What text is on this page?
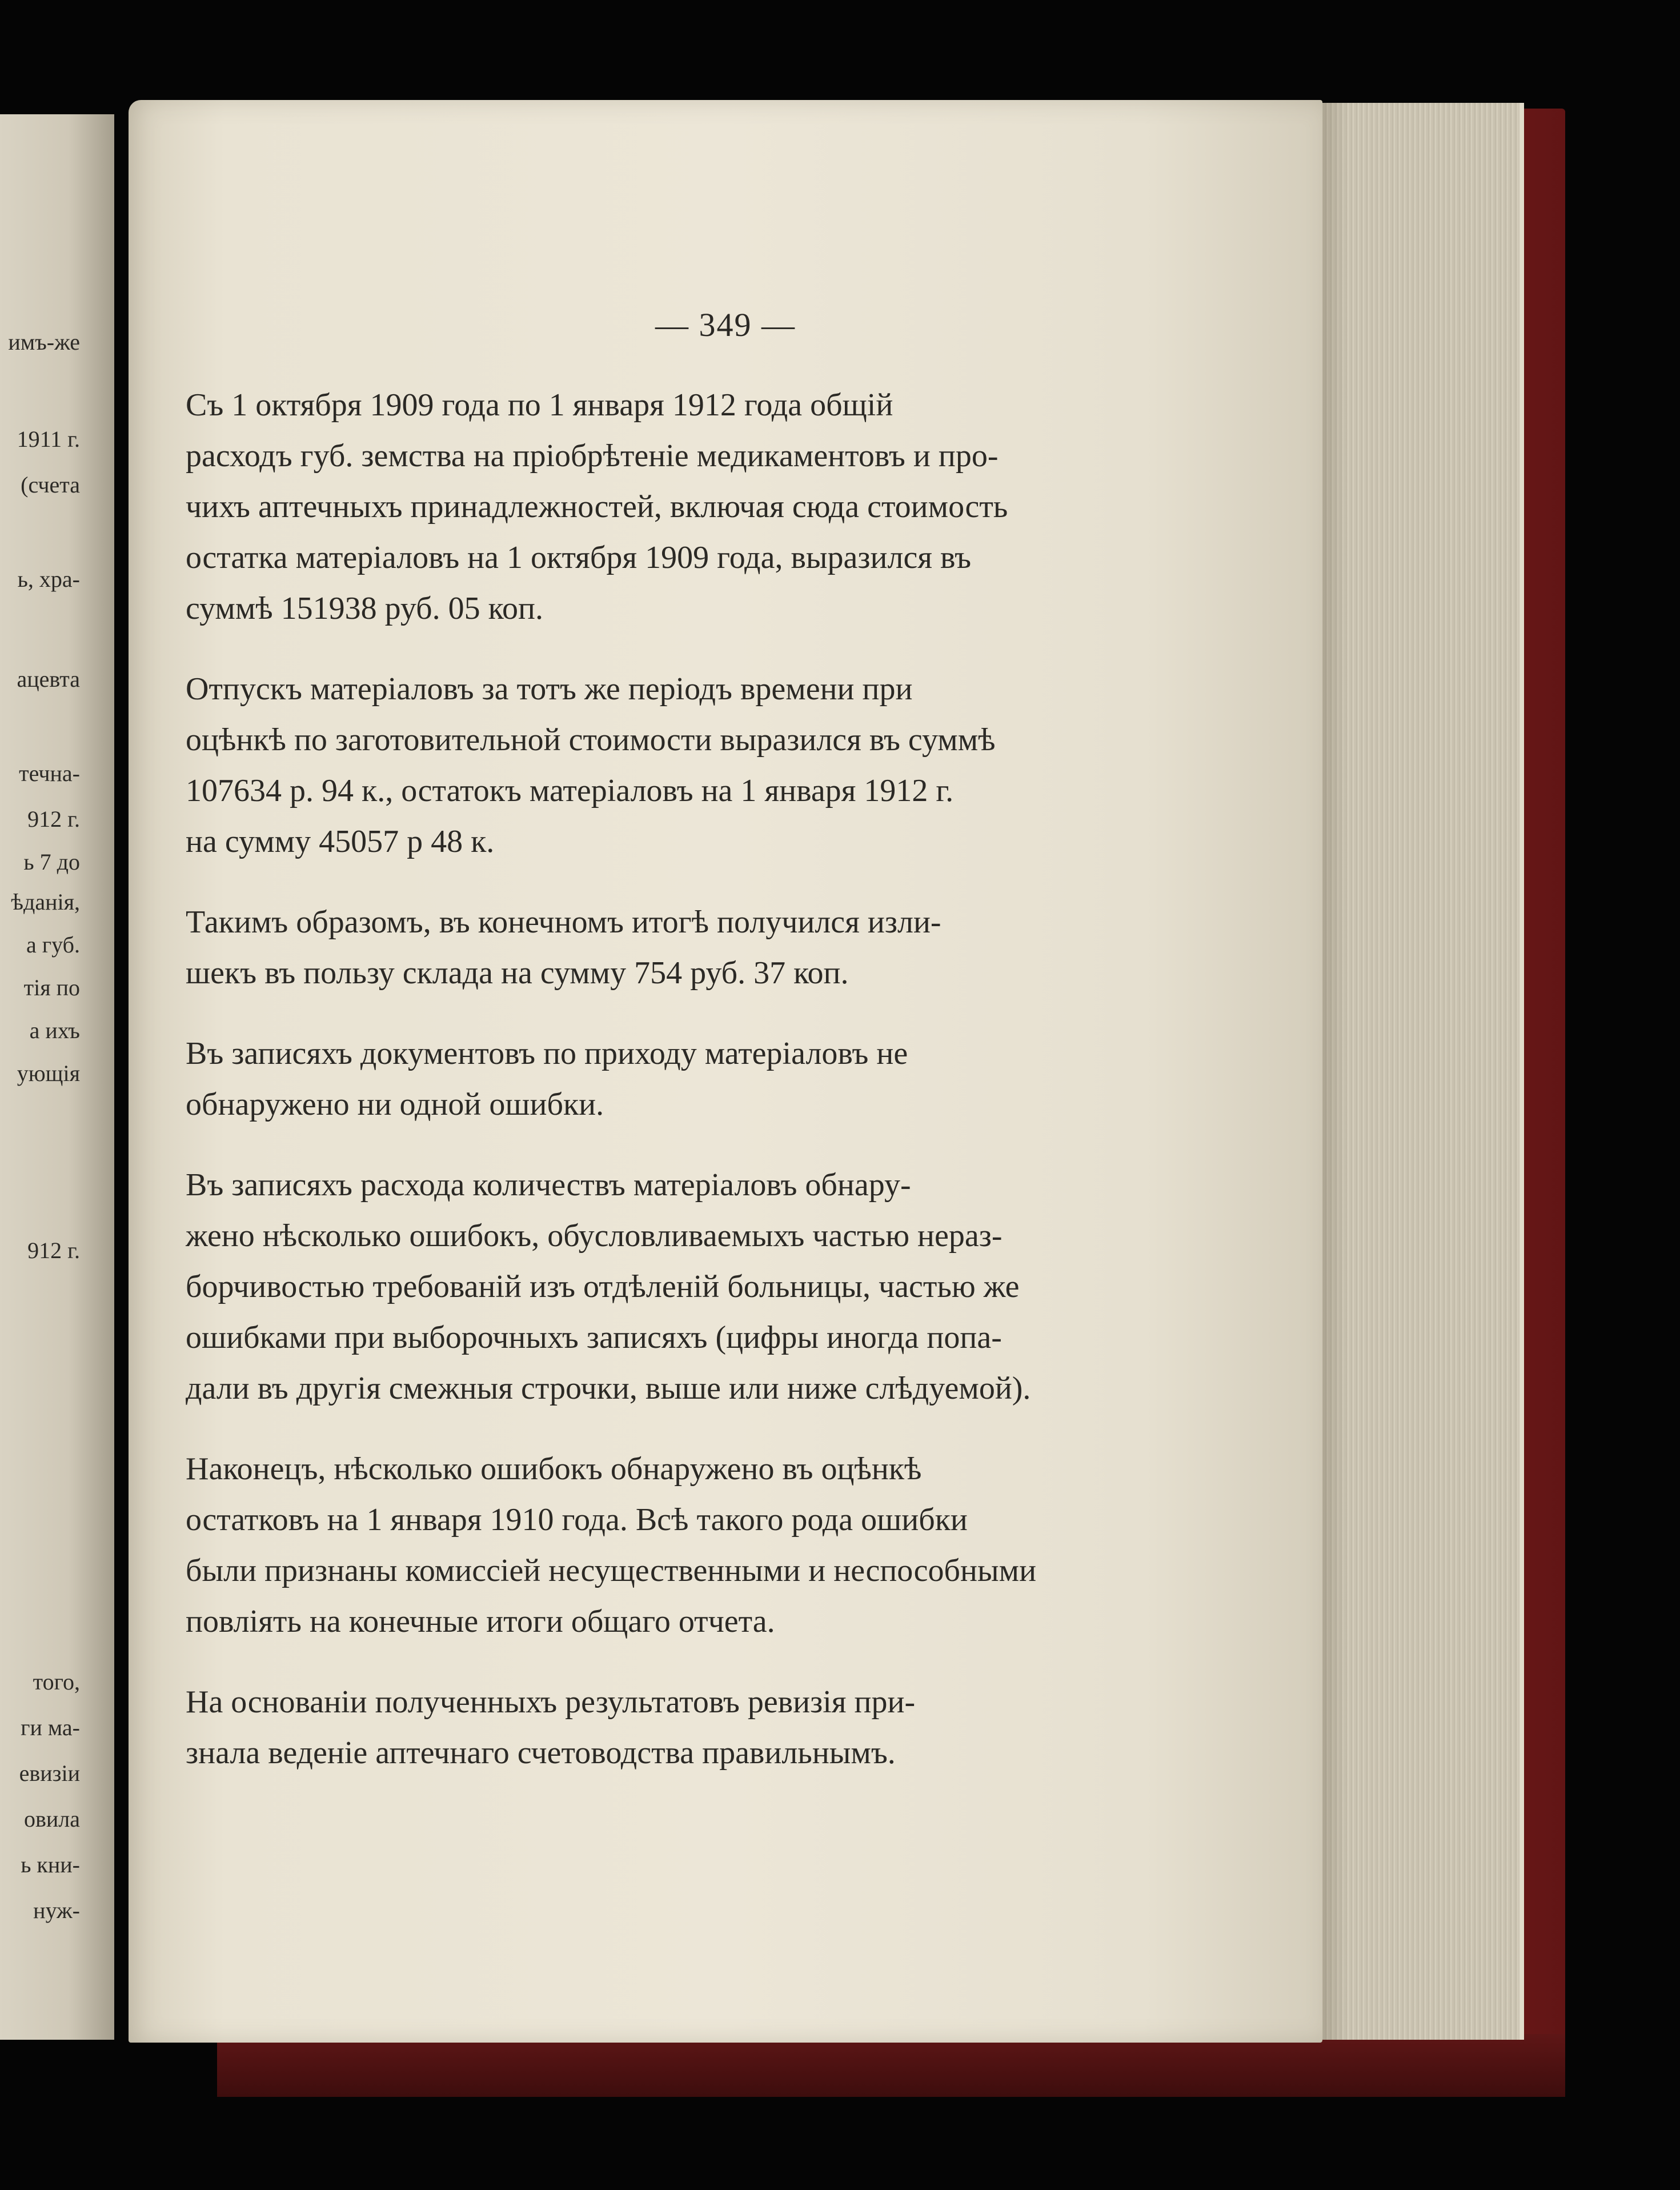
имъ-же
1911 г.
(счета
ь, хра-
ацевта
течна-
912 г.
ь 7 до
ѣданія,
а губ.
тія по
а ихъ
ующія
912 г.
того,
ги ма-
евизіи
овила
ь кни-
нуж-
— 349 —

Съ 1 октября 1909 года по 1 января 1912 года общій
расходъ губ. земства на пріобрѣтеніе медикаментовъ и про-
чихъ аптечныхъ принадлежностей, включая сюда стоимость
остатка матеріаловъ на 1 октября 1909 года, выразился въ
суммѣ 151938 руб. 05 коп.

Отпускъ матеріаловъ за тотъ же періодъ времени при
оцѣнкѣ по заготовительной стоимости выразился въ суммѣ
107634 р. 94 к., остатокъ матеріаловъ на 1 января 1912 г.
на сумму 45057 р 48 к.

Такимъ образомъ, въ конечномъ итогѣ получился изли-
шекъ въ пользу склада на сумму 754 руб. 37 коп.

Въ записяхъ документовъ по приходу матеріаловъ не
обнаружено ни одной ошибки.

Въ записяхъ расхода количествъ матеріаловъ обнару-
жено нѣсколько ошибокъ, обусловливаемыхъ частью нераз-
борчивостью требованій изъ отдѣленій больницы, частью же
ошибками при выборочныхъ записяхъ (цифры иногда попа-
дали въ другія смежныя строчки, выше или ниже слѣдуемой).

Наконецъ, нѣсколько ошибокъ обнаружено въ оцѣнкѣ
остатковъ на 1 января 1910 года. Всѣ такого рода ошибки
были признаны комиссіей несущественными и неспособными
повліять на конечные итоги общаго отчета.

На основаніи полученныхъ результатовъ ревизія при-
знала веденіе аптечнаго счетоводства правильнымъ.
